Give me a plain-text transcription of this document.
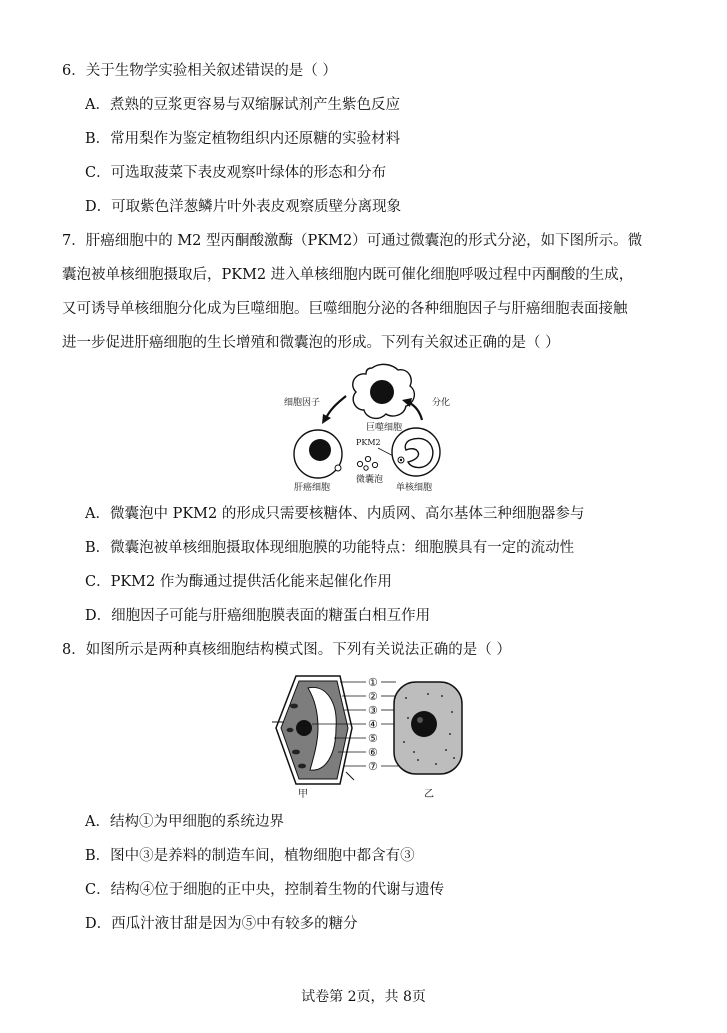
6．关于生物学实验相关叙述错误的是（ ）
A．煮熟的豆浆更容易与双缩脲试剂产生紫色反应
B．常用梨作为鉴定植物组织内还原糖的实验材料
C．可选取菠菜下表皮观察叶绿体的形态和分布
D．可取紫色洋葱鳞片叶外表皮观察质壁分离现象
7．肝癌细胞中的 M2 型丙酮酸激酶（PKM2）可通过微囊泡的形式分泌，如下图所示。微
囊泡被单核细胞摄取后，PKM2 进入单核细胞内既可催化细胞呼吸过程中丙酮酸的生成，
又可诱导单核细胞分化成为巨噬细胞。巨噬细胞分泌的各种细胞因子与肝癌细胞表面接触
进一步促进肝癌细胞的生长增殖和微囊泡的形成。下列有关叙述正确的是（ ）
巨噬细胞
细胞因子	分化
肝癌细胞
微囊泡
PKM2
单核细胞
A．微囊泡中 PKM2 的形成只需要核糖体、内质网、高尔基体三种细胞器参与
B．微囊泡被单核细胞摄取体现细胞膜的功能特点：细胞膜具有一定的流动性
C．PKM2 作为酶通过提供活化能来起催化作用
D．细胞因子可能与肝癌细胞膜表面的糖蛋白相互作用
8．如图所示是两种真核细胞结构模式图。下列有关说法正确的是（ ）
甲
①
②
③
④
⑤
⑥
⑦
乙
A．结构①为甲细胞的系统边界
B．图中③是养料的制造车间，植物细胞中都含有③
C．结构④位于细胞的正中央，控制着生物的代谢与遗传
D．西瓜汁液甘甜是因为⑤中有较多的糖分
试卷第 2页，共 8页
